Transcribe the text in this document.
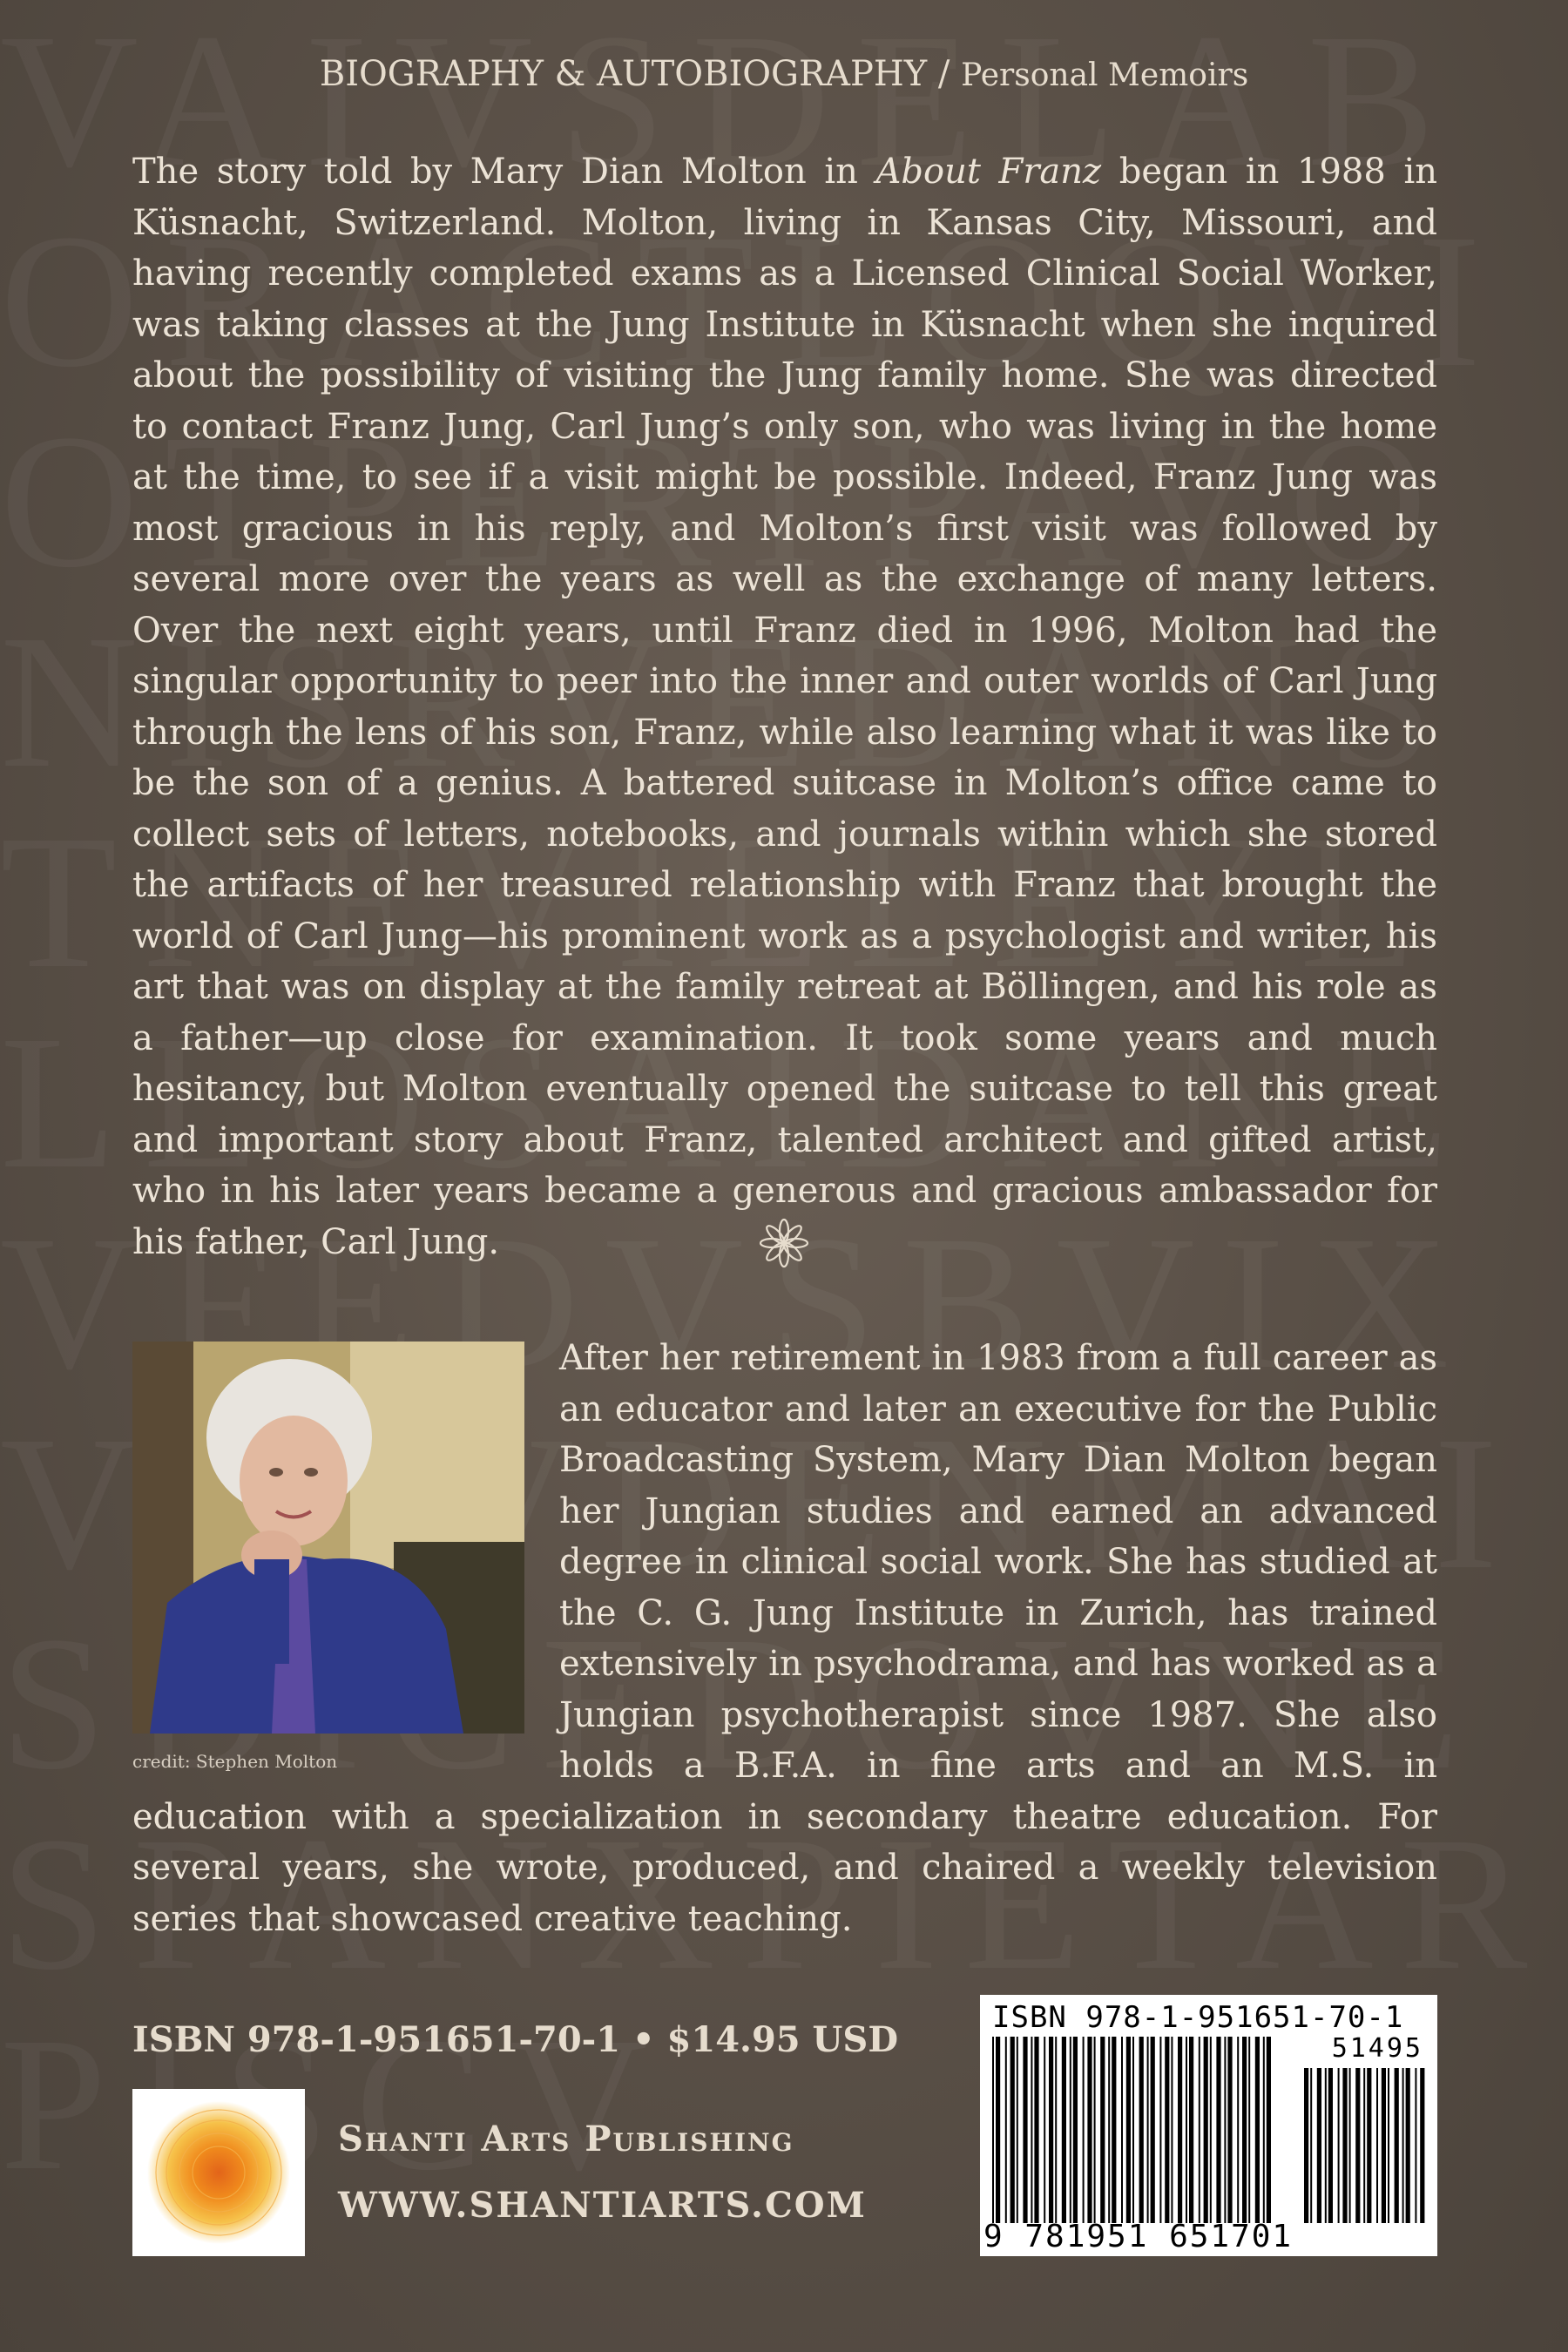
BIOGRAPHY & AUTOBIOGRAPHY / Personal Memoirs

The story told by Mary Dian Molton in About Franz began in 1988 in Küsnacht, Switzerland. Molton, living in Kansas City, Missouri, and having recently completed exams as a Licensed Clinical Social Worker, was taking classes at the Jung Institute in Küsnacht when she inquired about the possibility of visiting the Jung family home. She was directed to contact Franz Jung, Carl Jung’s only son, who was living in the home at the time, to see if a visit might be possible. Indeed, Franz Jung was most gracious in his reply, and Molton’s first visit was followed by several more over the years as well as the exchange of many letters. Over the next eight years, until Franz died in 1996, Molton had the singular opportunity to peer into the inner and outer worlds of Carl Jung through the lens of his son, Franz, while also learning what it was like to be the son of a genius. A battered suitcase in Molton’s office came to collect sets of letters, notebooks, and journals within which she stored the artifacts of her treasured relationship with Franz that brought the world of Carl Jung—his prominent work as a psychologist and writer, his art that was on display at the family retreat at Böllingen, and his role as a father—up close for examination. It took some years and much hesitancy, but Molton eventually opened the suitcase to tell this great and important story about Franz, talented architect and gifted artist, who in his later years became a generous and gracious ambassador for his father, Carl Jung.

credit: Stephen Molton

After her retirement in 1983 from a full career as an educator and later an executive for the Public Broadcasting System, Mary Dian Molton began her Jungian studies and earned an advanced degree in clinical social work. She has studied at the C. G. Jung Institute in Zurich, has trained extensively in psychodrama, and has worked as a Jungian psychotherapist since 1987. She also holds a B.F.A. in fine arts and an M.S. in education with a specialization in secondary theatre education. For several years, she wrote, produced, and chaired a weekly television series that showcased creative teaching.

ISBN 978-1-951651-70-1 • $14.95 USD
Shanti Arts Publishing
WWW.SHANTIARTS.COM
ISBN 978-1-951651-70-1
51495
9 781951 651701
